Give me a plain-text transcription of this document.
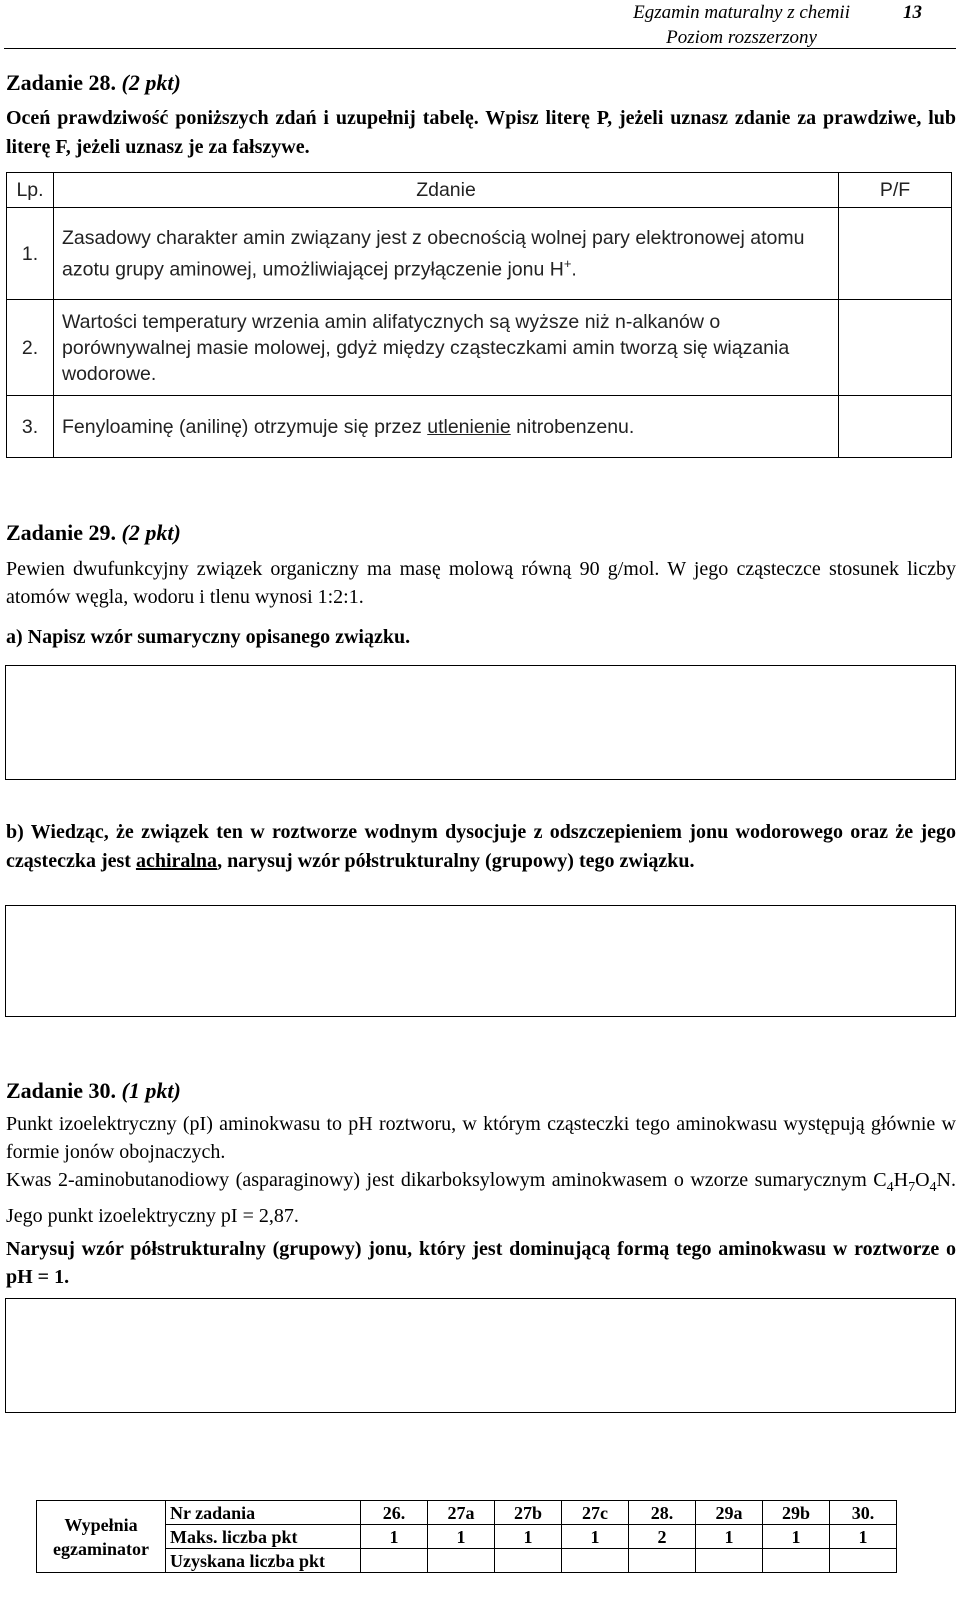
Egzamin maturalny z chemii
Poziom rozszerzony
13
Zadanie 28. (2 pkt)
Oceń prawdziwość poniższych zdań i uzupełnij tabelę. Wpisz literę P, jeżeli uznasz zdanie za prawdziwe, lub literę F, jeżeli uznasz je za fałszywe.
Lp.	Zdanie	P/F
1.	Zasadowy charakter amin związany jest z obecnością wolnej pary elektronowej atomu azotu grupy aminowej, umożliwiającej przyłączenie jonu H+.	
2.	Wartości temperatury wrzenia amin alifatycznych są wyższe niż n-alkanów o porównywalnej masie molowej, gdyż między cząsteczkami amin tworzą się wiązania wodorowe.	
3.	Fenyloaminę (anilinę) otrzymuje się przez utlenienie nitrobenzenu.	
Zadanie 29. (2 pkt)
Pewien dwufunkcyjny związek organiczny ma masę molową równą 90 g/mol. W jego cząsteczce stosunek liczby atomów węgla, wodoru i tlenu wynosi 1:2:1.
a) Napisz wzór sumaryczny opisanego związku.
b) Wiedząc, że związek ten w roztworze wodnym dysocjuje z odszczepieniem jonu wodorowego oraz że jego cząsteczka jest achiralna, narysuj wzór półstrukturalny (grupowy) tego związku.
Zadanie 30. (1 pkt)
Punkt izoelektryczny (pI) aminokwasu to pH roztworu, w którym cząsteczki tego aminokwasu występują głównie w formie jonów obojnaczych.
Kwas 2-aminobutanodiowy (asparaginowy) jest dikarboksylowym aminokwasem o wzorze sumarycznym $C_4H_7O_4N$. Jego punkt izoelektryczny pI = 2,87.
Narysuj wzór półstrukturalny (grupowy) jonu, który jest dominującą formą tego aminokwasu w roztworze o pH = 1.
Wypełnia egzaminator	Nr zadania	26.	27a	27b	27c	28.	29a	29b	30.
	Maks. liczba pkt	1	1	1	1	2	1	1	1
	Uzyskana liczba pkt								
